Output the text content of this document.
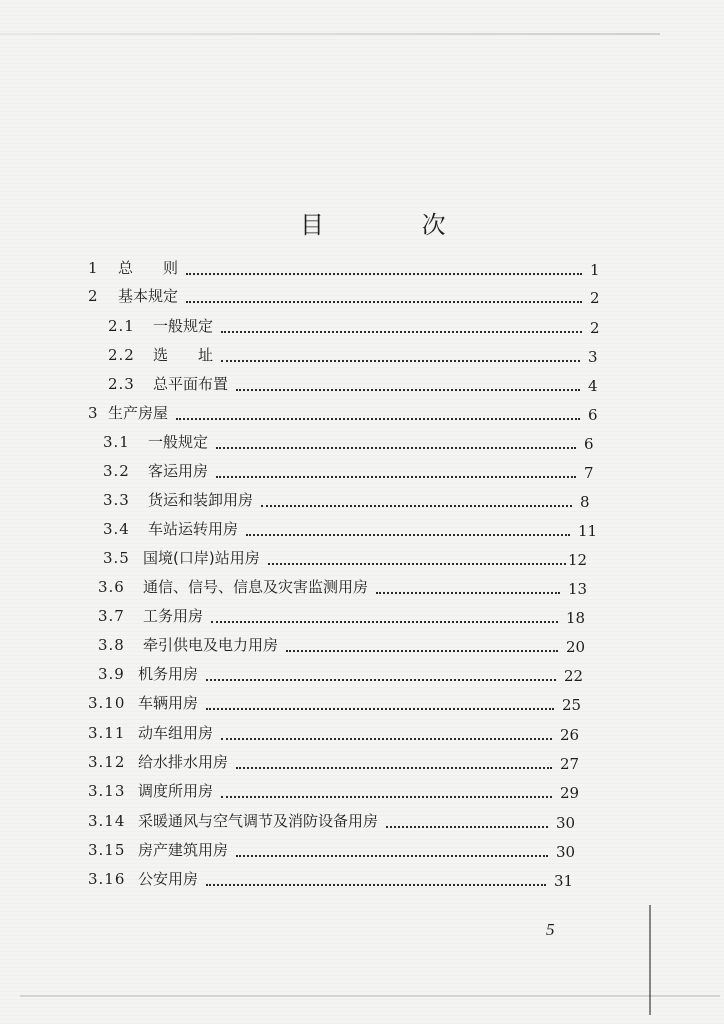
目 次
1 总　　则	1
2 基本规定	2
2.1 一般规定	2
2.2 选　　址	3
2.3 总平面布置	4
3 生产房屋	6
3.1 一般规定	6
3.2 客运用房	7
3.3 货运和装卸用房	8
3.4 车站运转用房	11
3.5 国境(口岸)站用房	12
3.6 通信、信号、信息及灾害监测用房	13
3.7 工务用房	18
3.8 牵引供电及电力用房	20
3.9 机务用房	22
3.10 车辆用房	25
3.11 动车组用房	26
3.12 给水排水用房	27
3.13 调度所用房	29
3.14 采暖通风与空气调节及消防设备用房	30
3.15 房产建筑用房	30
3.16 公安用房	31
5
